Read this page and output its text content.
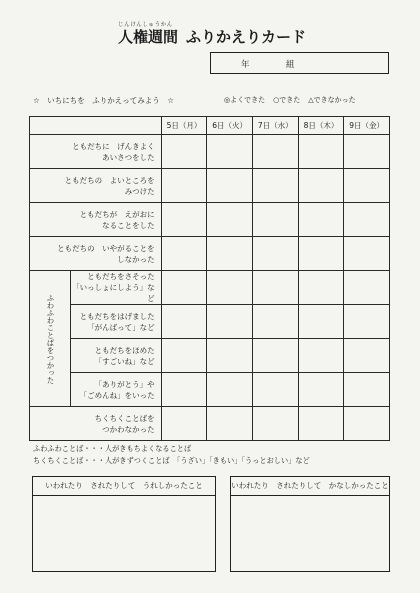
じんけんしゅうかん
人権週間 ふりかえりカード
年	組
☆　いちにちを　ふりかえってみよう　☆	◎よくできた ○できた △できなかった
		5日（月）	6日（火）	7日（水）	8日（木）	9日（金）

ともだちに　げんきよく
あいさつをした						

ともだちの　よいところを
みつけた						

ともだちが　えがおに
なることをした						

ともだちの　いやがることを
しなかった						

ふわふわことばをつかった	ともだちをさそった
「いっしょにしよう」など					

	ともだちをはげました
「がんばって」など					

	ともだちをほめた
「すごいね」など					

	「ありがとう」や
「ごめんね」をいった					

ちくちくことばを
つかわなかった						

ふわふわことば・・・人がきもちよくなることば
ちくちくことば・・・人がきずつくことば　「うざい」「きもい」「うっとおしい」など
いわれたり　されたりして　うれしかったこと	いわれたり　されたりして　かなしかったこと
